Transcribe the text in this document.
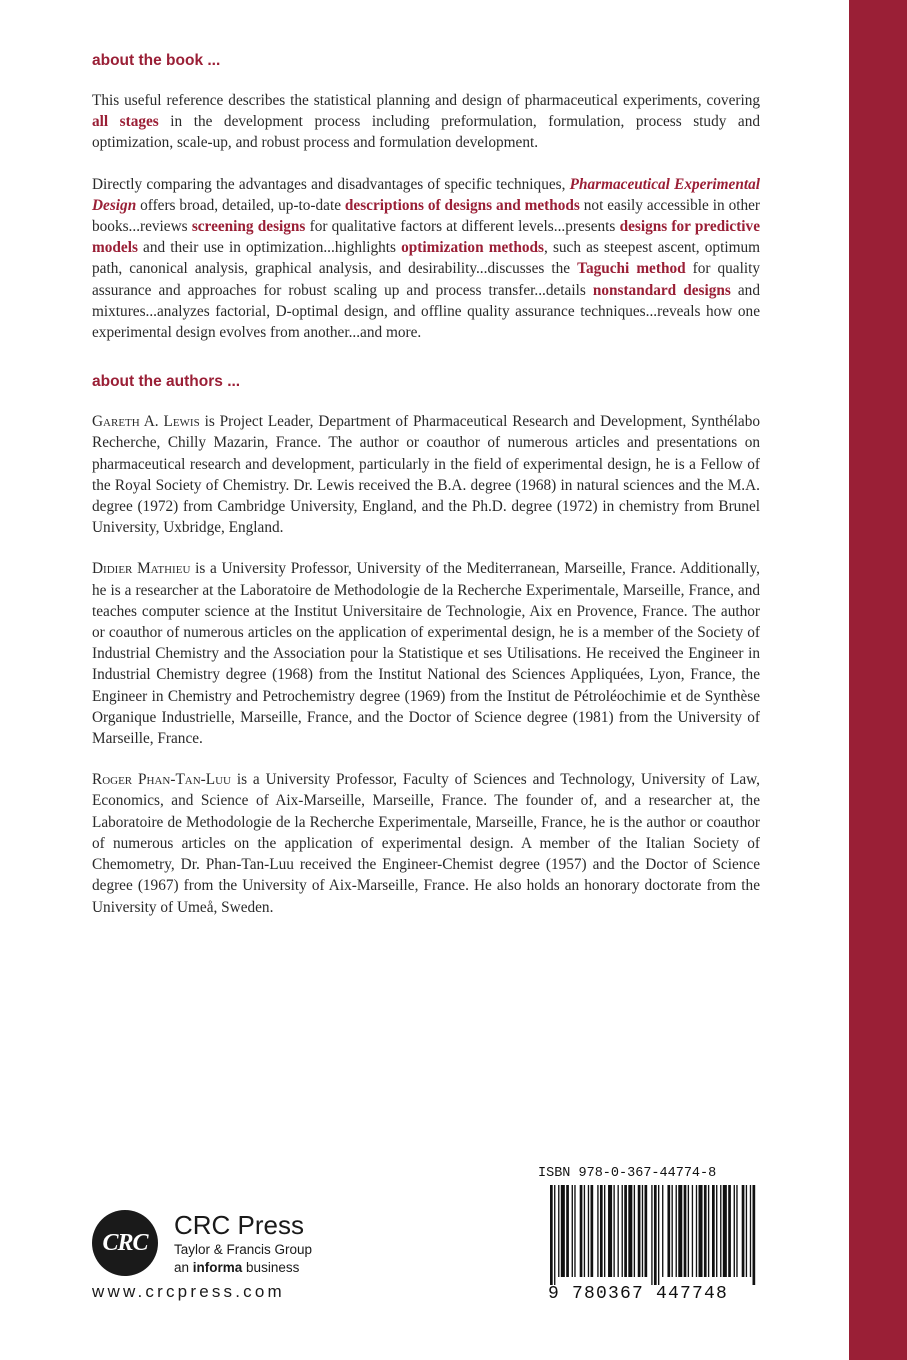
about the book ...

This useful reference describes the statistical planning and design of pharmaceutical experiments, covering all stages in the development process including preformulation, formulation, process study and optimization, scale-up, and robust process and formulation development.

Directly comparing the advantages and disadvantages of specific techniques, Pharmaceutical Experimental Design offers broad, detailed, up-to-date descriptions of designs and methods not easily accessible in other books...reviews screening designs for qualitative factors at different levels...presents designs for predictive models and their use in optimization...highlights optimization methods, such as steepest ascent, optimum path, canonical analysis, graphical analysis, and desirability...discusses the Taguchi method for quality assurance and approaches for robust scaling up and process transfer...details nonstandard designs and mixtures...analyzes factorial, D-optimal design, and offline quality assurance techniques...reveals how one experimental design evolves from another...and more.

about the authors ...

Gareth A. Lewis is Project Leader, Department of Pharmaceutical Research and Development, Synthélabo Recherche, Chilly Mazarin, France. The author or coauthor of numerous articles and presentations on pharmaceutical research and development, particularly in the field of experimental design, he is a Fellow of the Royal Society of Chemistry. Dr. Lewis received the B.A. degree (1968) in natural sciences and the M.A. degree (1972) from Cambridge University, England, and the Ph.D. degree (1972) in chemistry from Brunel University, Uxbridge, England.

Didier Mathieu is a University Professor, University of the Mediterranean, Marseille, France. Additionally, he is a researcher at the Laboratoire de Methodologie de la Recherche Experimentale, Marseille, France, and teaches computer science at the Institut Universitaire de Technologie, Aix en Provence, France. The author or coauthor of numerous articles on the application of experimental design, he is a member of the Society of Industrial Chemistry and the Association pour la Statistique et ses Utilisations. He received the Engineer in Industrial Chemistry degree (1968) from the Institut National des Sciences Appliquées, Lyon, France, the Engineer in Chemistry and Petrochemistry degree (1969) from the Institut de Pétroléochimie et de Synthèse Organique Industrielle, Marseille, France, and the Doctor of Science degree (1981) from the University of Marseille, France.

Roger Phan-Tan-Luu is a University Professor, Faculty of Sciences and Technology, University of Law, Economics, and Science of Aix-Marseille, Marseille, France. The founder of, and a researcher at, the Laboratoire de Methodologie de la Recherche Experimentale, Marseille, France, he is the author or coauthor of numerous articles on the application of experimental design. A member of the Italian Society of Chemometry, Dr. Phan-Tan-Luu received the Engineer-Chemist degree (1957) and the Doctor of Science degree (1967) from the University of Aix-Marseille, France. He also holds an honorary doctorate from the University of Umeå, Sweden.

CRC
CRC Press
Taylor & Francis Group
an informa business
www.crcpress.com
ISBN 978-0-367-44774-8
9 780367 447748
